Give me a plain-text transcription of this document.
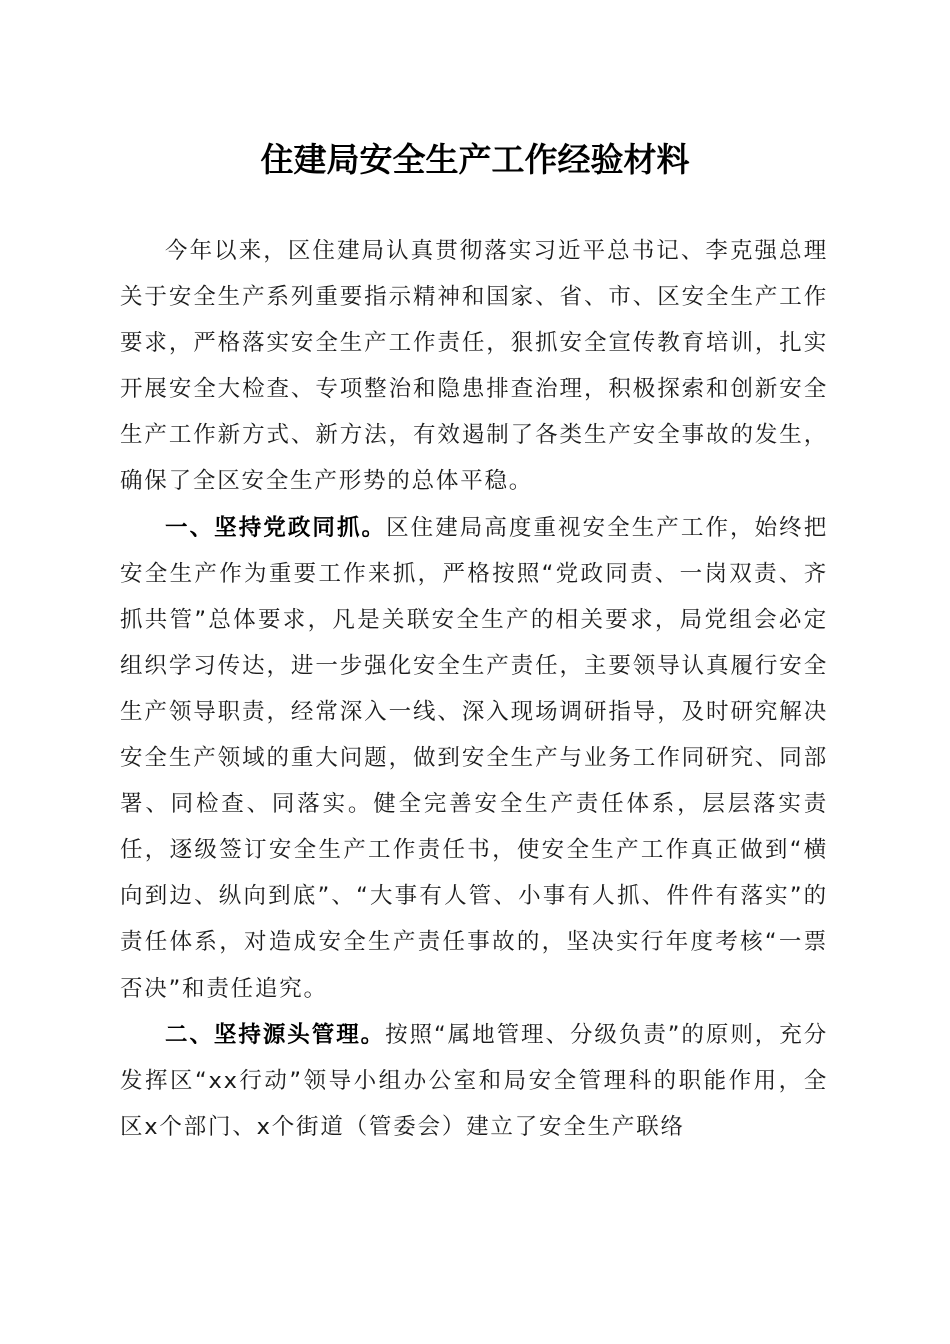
住建局安全生产工作经验材料

今年以来，区住建局认真贯彻落实习近平总书记、李克强总理关于安全生产系列重要指示精神和国家、省、市、区安全生产工作要求，严格落实安全生产工作责任，狠抓安全宣传教育培训，扎实开展安全大检查、专项整治和隐患排查治理，积极探索和创新安全生产工作新方式、新方法，有效遏制了各类生产安全事故的发生，确保了全区安全生产形势的总体平稳。

一、坚持党政同抓。区住建局高度重视安全生产工作，始终把安全生产作为重要工作来抓，严格按照“党政同责、一岗双责、齐抓共管”总体要求，凡是关联安全生产的相关要求，局党组会必定组织学习传达，进一步强化安全生产责任，主要领导认真履行安全生产领导职责，经常深入一线、深入现场调研指导，及时研究解决安全生产领域的重大问题，做到安全生产与业务工作同研究、同部署、同检查、同落实。健全完善安全生产责任体系，层层落实责任，逐级签订安全生产工作责任书，使安全生产工作真正做到“横向到边、纵向到底”、“大事有人管、小事有人抓、件件有落实”的责任体系，对造成安全生产责任事故的，坚决实行年度考核“一票否决”和责任追究。

二、坚持源头管理。按照“属地管理、分级负责”的原则，充分发挥区“xx行动”领导小组办公室和局安全管理科的职能作用，全区x个部门、x个街道（管委会）建立了安全生产联络
